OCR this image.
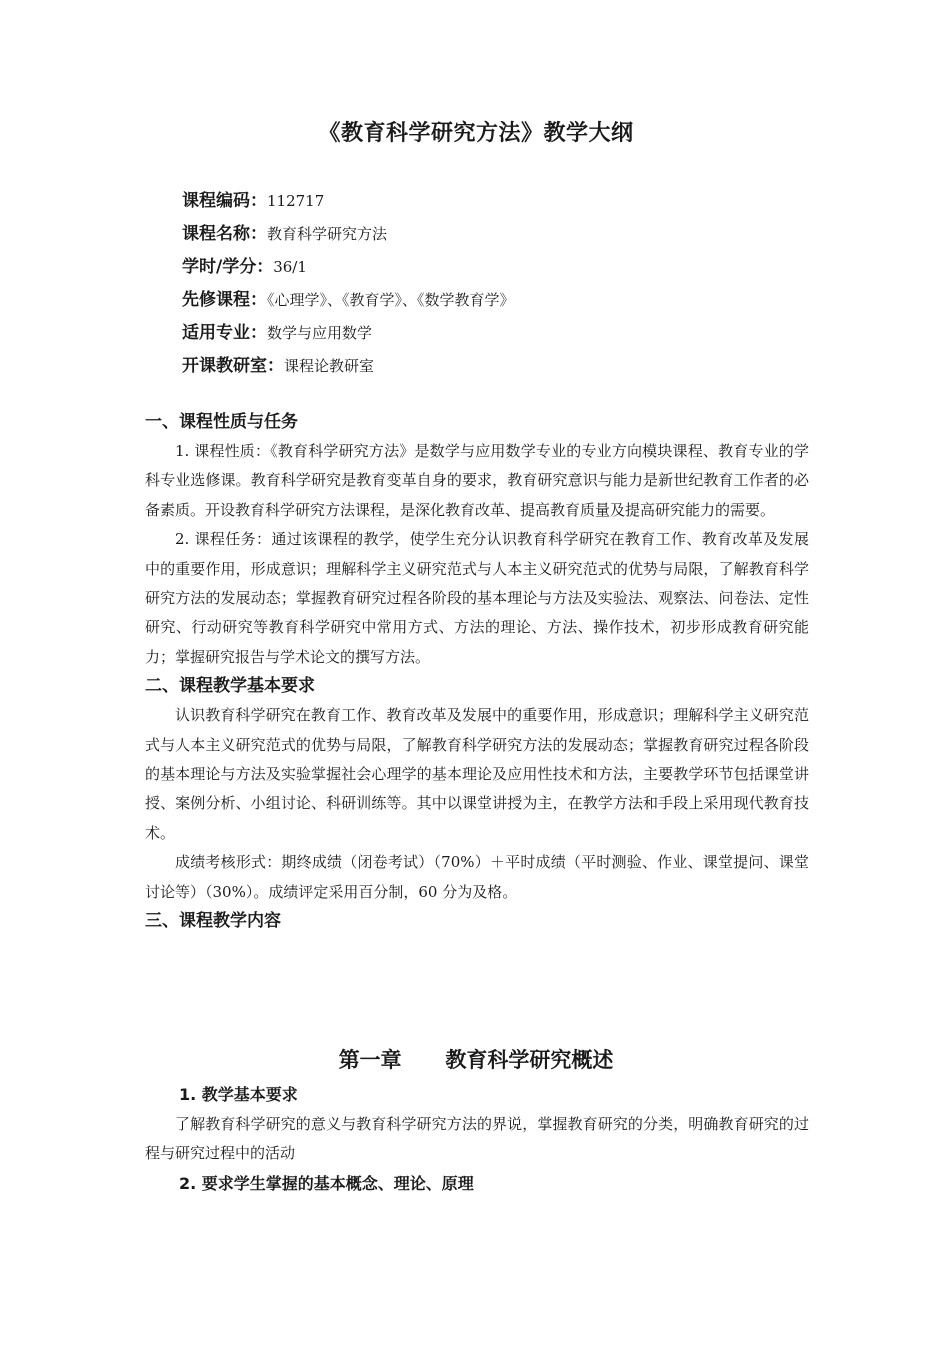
《教育科学研究方法》教学大纲
课程编码：112717
课程名称：教育科学研究方法
学时/学分：36/1
先修课程：《心理学》、《教育学》、《数学教育学》
适用专业：数学与应用数学
开课教研室：课程论教研室
一、课程性质与任务

1. 课程性质：《教育科学研究方法》是数学与应用数学专业的专业方向模块课程、教育专业的学科专业选修课。教育科学研究是教育变革自身的要求，教育研究意识与能力是新世纪教育工作者的必备素质。开设教育科学研究方法课程，是深化教育改革、提高教育质量及提高研究能力的需要。

2. 课程任务：通过该课程的教学，使学生充分认识教育科学研究在教育工作、教育改革及发展中的重要作用，形成意识；理解科学主义研究范式与人本主义研究范式的优势与局限，了解教育科学研究方法的发展动态；掌握教育研究过程各阶段的基本理论与方法及实验法、观察法、问卷法、定性研究、行动研究等教育科学研究中常用方式、方法的理论、方法、操作技术，初步形成教育研究能力；掌握研究报告与学术论文的撰写方法。

二、课程教学基本要求

认识教育科学研究在教育工作、教育改革及发展中的重要作用，形成意识；理解科学主义研究范式与人本主义研究范式的优势与局限，了解教育科学研究方法的发展动态；掌握教育研究过程各阶段的基本理论与方法及实验掌握社会心理学的基本理论及应用性技术和方法，主要教学环节包括课堂讲授、案例分析、小组讨论、科研训练等。其中以课堂讲授为主，在教学方法和手段上采用现代教育技术。

成绩考核形式：期终成绩（闭卷考试）（70%）＋平时成绩（平时测验、作业、课堂提问、课堂讨论等）（30%）。成绩评定采用百分制，60 分为及格。

三、课程教学内容
第一章      教育科学研究概述
1. 教学基本要求

了解教育科学研究的意义与教育科学研究方法的界说，掌握教育研究的分类，明确教育研究的过程与研究过程中的活动

2. 要求学生掌握的基本概念、理论、原理
